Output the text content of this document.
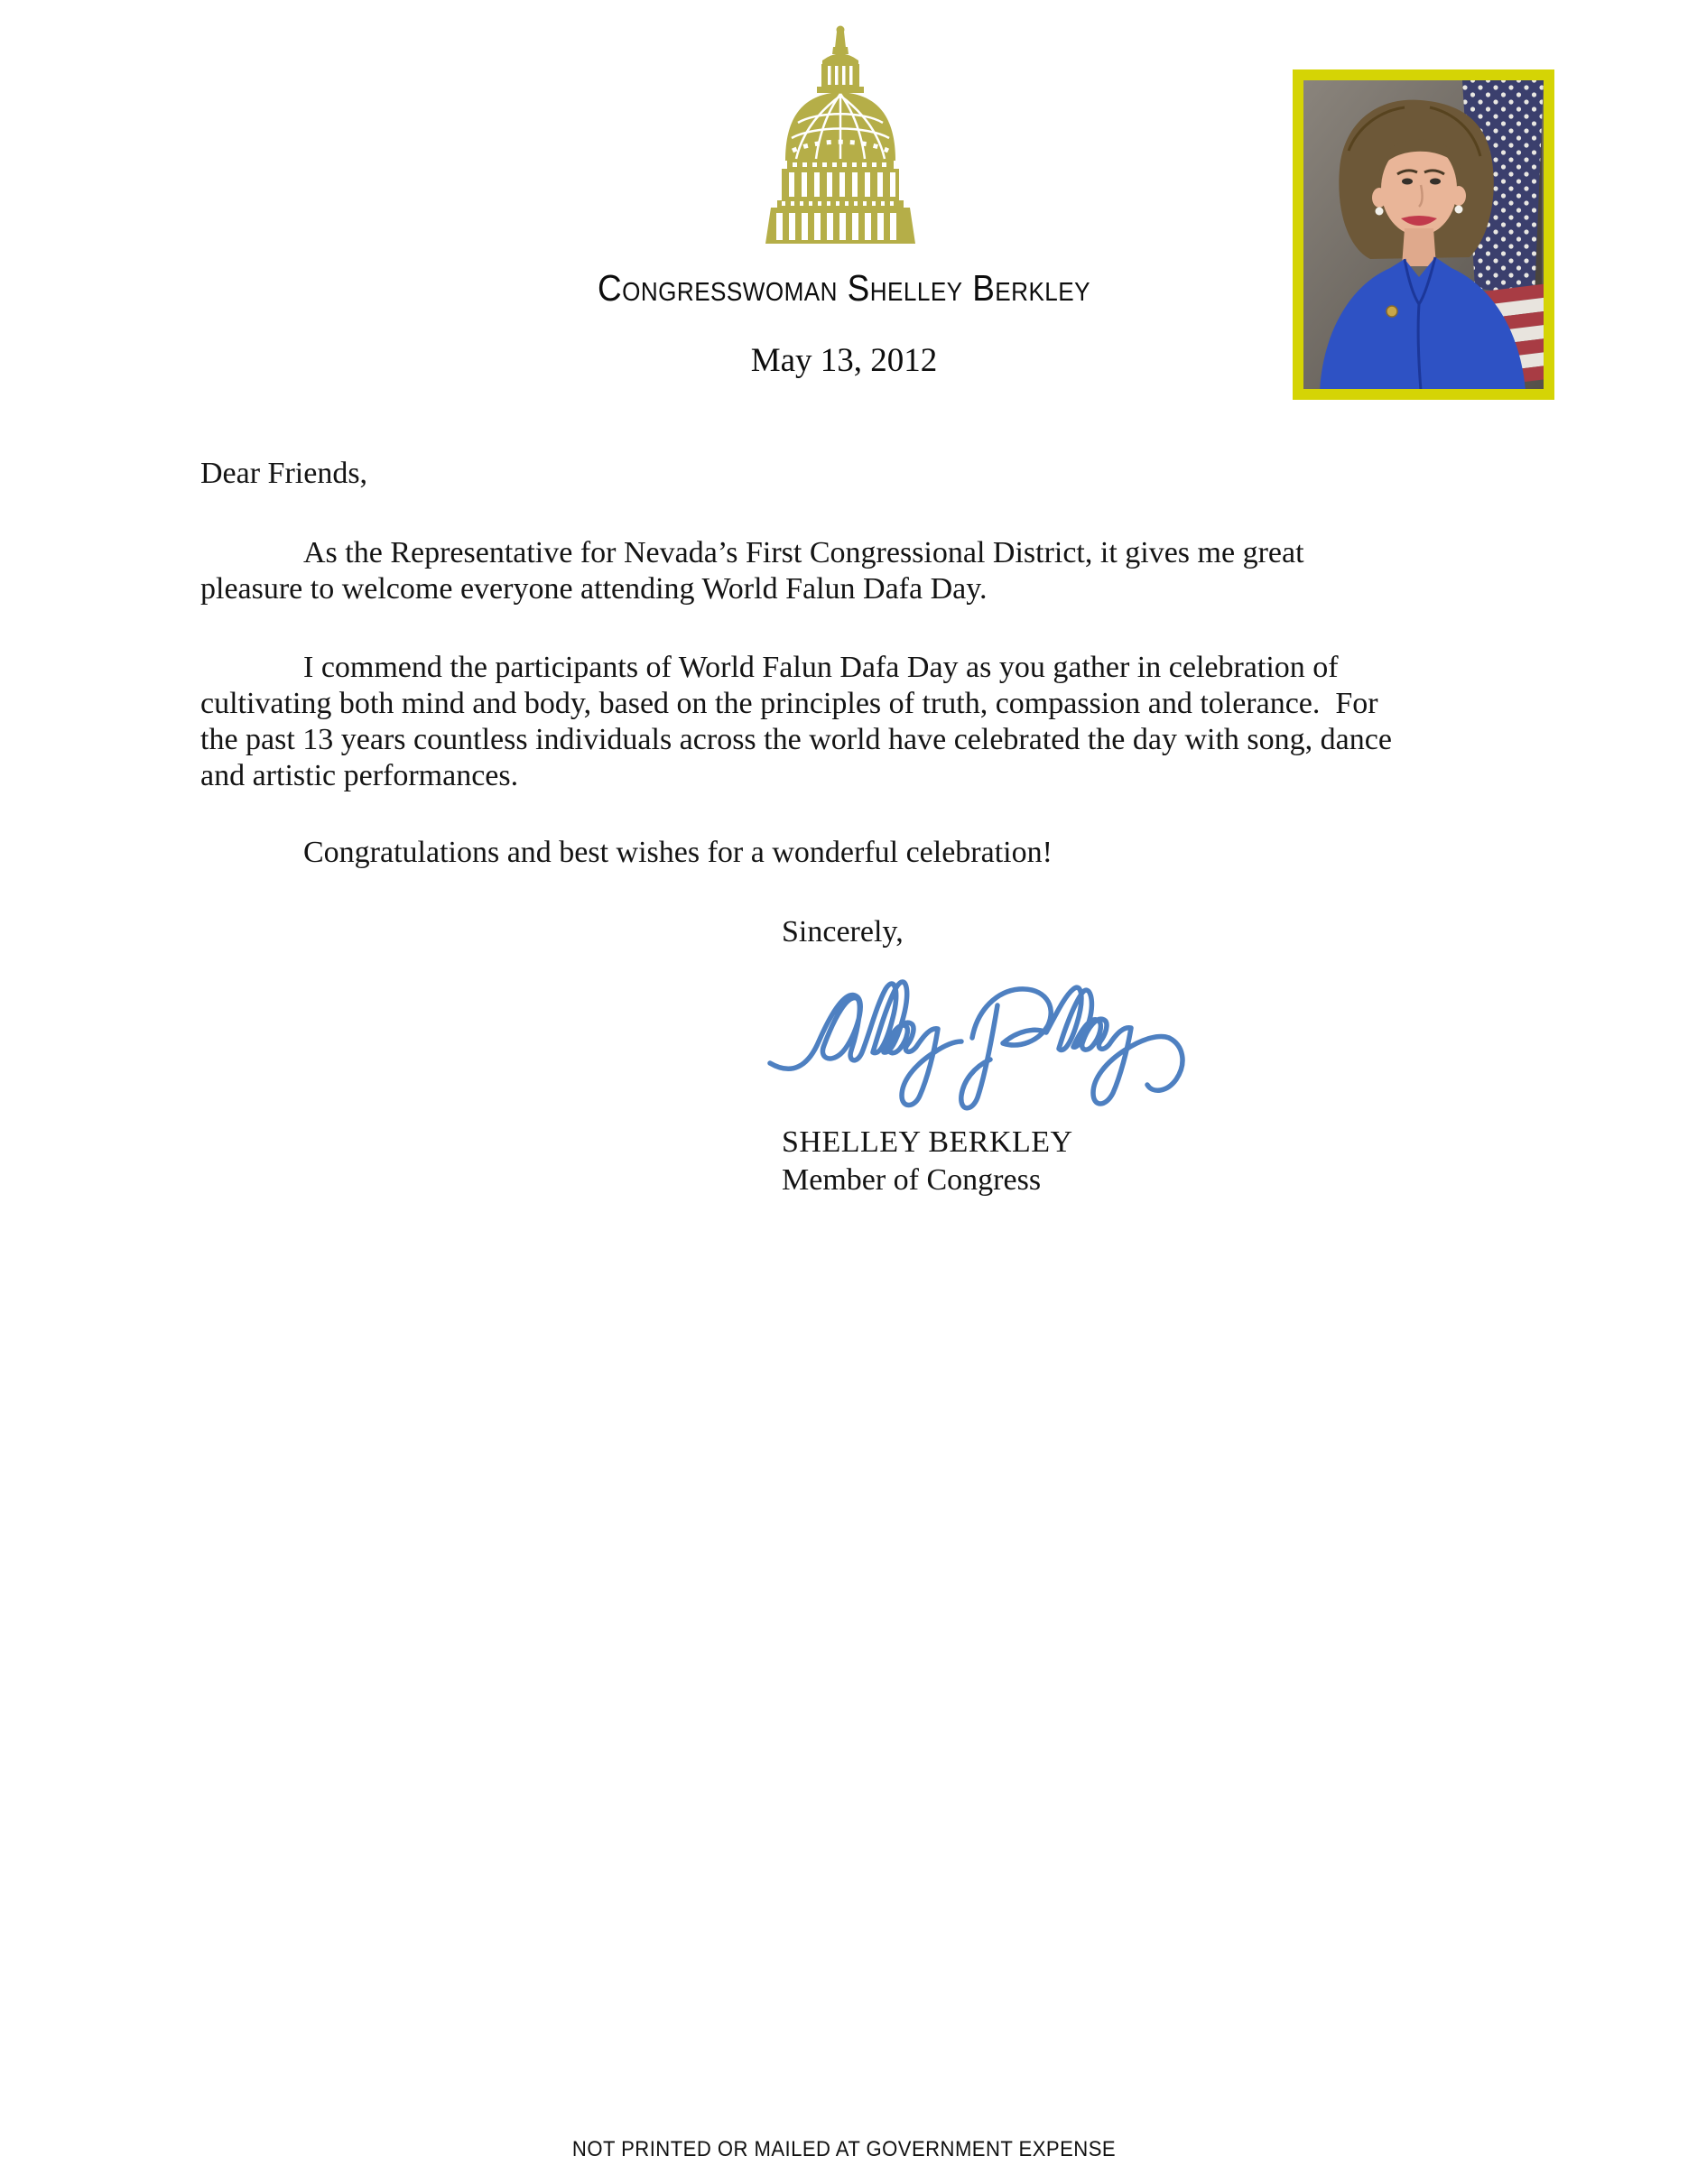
Congresswoman Shelley Berkley
May 13, 2012
Dear Friends,
As the Representative for Nevada’s First Congressional District, it gives me great
pleasure to welcome everyone attending World Falun Dafa Day.
I commend the participants of World Falun Dafa Day as you gather in celebration of
cultivating both mind and body, based on the principles of truth, compassion and tolerance.  For
the past 13 years countless individuals across the world have celebrated the day with song, dance
and artistic performances.
Congratulations and best wishes for a wonderful celebration!
Sincerely,
SHELLEY BERKLEY
Member of Congress
NOT PRINTED OR MAILED AT GOVERNMENT EXPENSE
